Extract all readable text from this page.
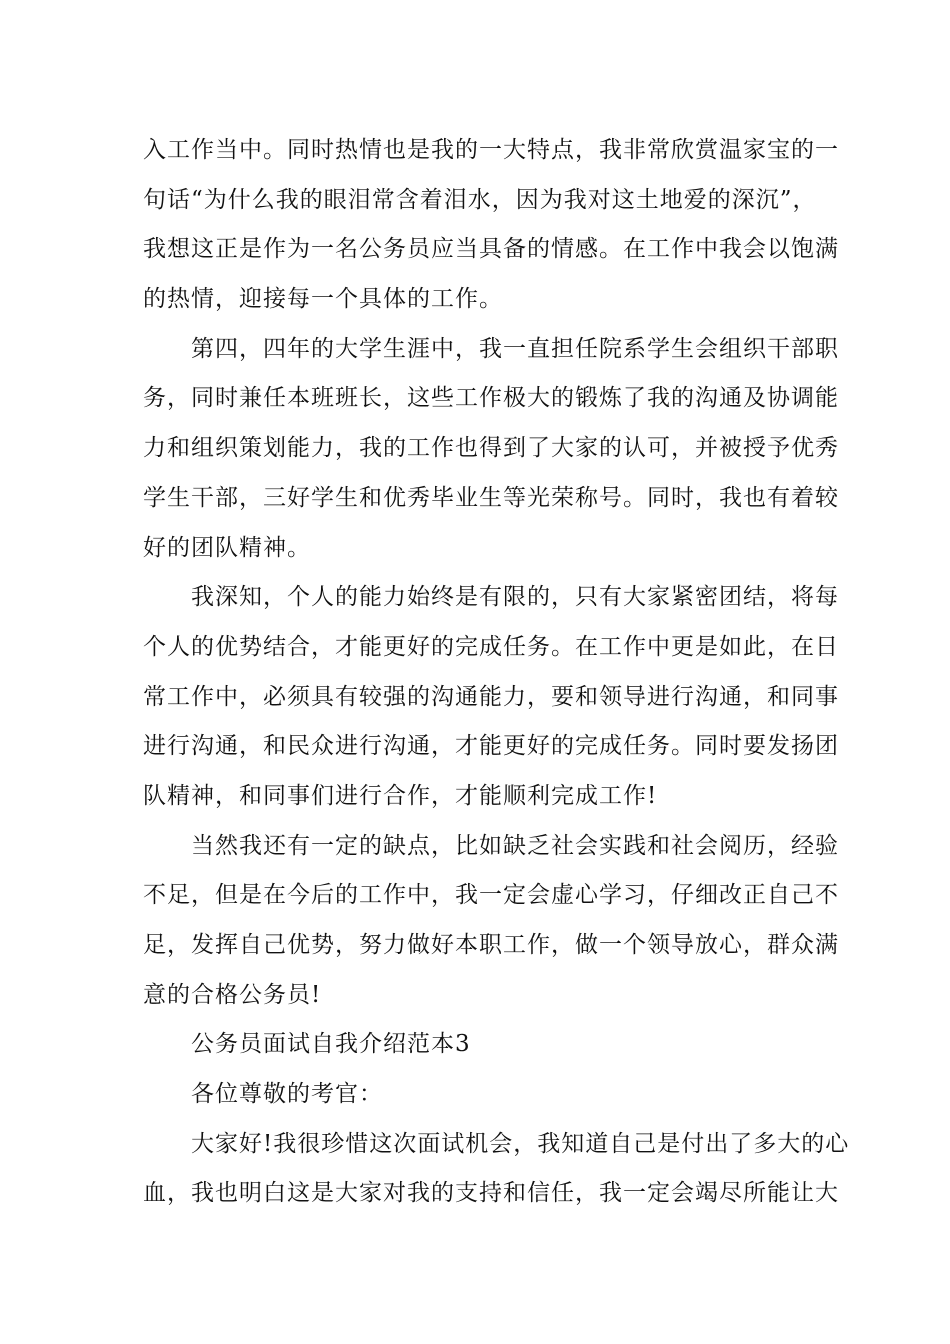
入工作当中。同时热情也是我的一大特点，我非常欣赏温家宝的一
句话“为什么我的眼泪常含着泪水，因为我对这土地爱的深沉”，
我想这正是作为一名公务员应当具备的情感。在工作中我会以饱满
的热情，迎接每一个具体的工作。
第四，四年的大学生涯中，我一直担任院系学生会组织干部职
务，同时兼任本班班长，这些工作极大的锻炼了我的沟通及协调能
力和组织策划能力，我的工作也得到了大家的认可，并被授予优秀
学生干部，三好学生和优秀毕业生等光荣称号。同时，我也有着较
好的团队精神。
我深知，个人的能力始终是有限的，只有大家紧密团结，将每
个人的优势结合，才能更好的完成任务。在工作中更是如此，在日
常工作中，必须具有较强的沟通能力，要和领导进行沟通，和同事
进行沟通，和民众进行沟通，才能更好的完成任务。同时要发扬团
队精神，和同事们进行合作，才能顺利完成工作!
当然我还有一定的缺点，比如缺乏社会实践和社会阅历，经验
不足，但是在今后的工作中，我一定会虚心学习，仔细改正自己不
足，发挥自己优势，努力做好本职工作，做一个领导放心，群众满
意的合格公务员!
公务员面试自我介绍范本3
各位尊敬的考官：
大家好!我很珍惜这次面试机会，我知道自己是付出了多大的心
血，我也明白这是大家对我的支持和信任，我一定会竭尽所能让大
